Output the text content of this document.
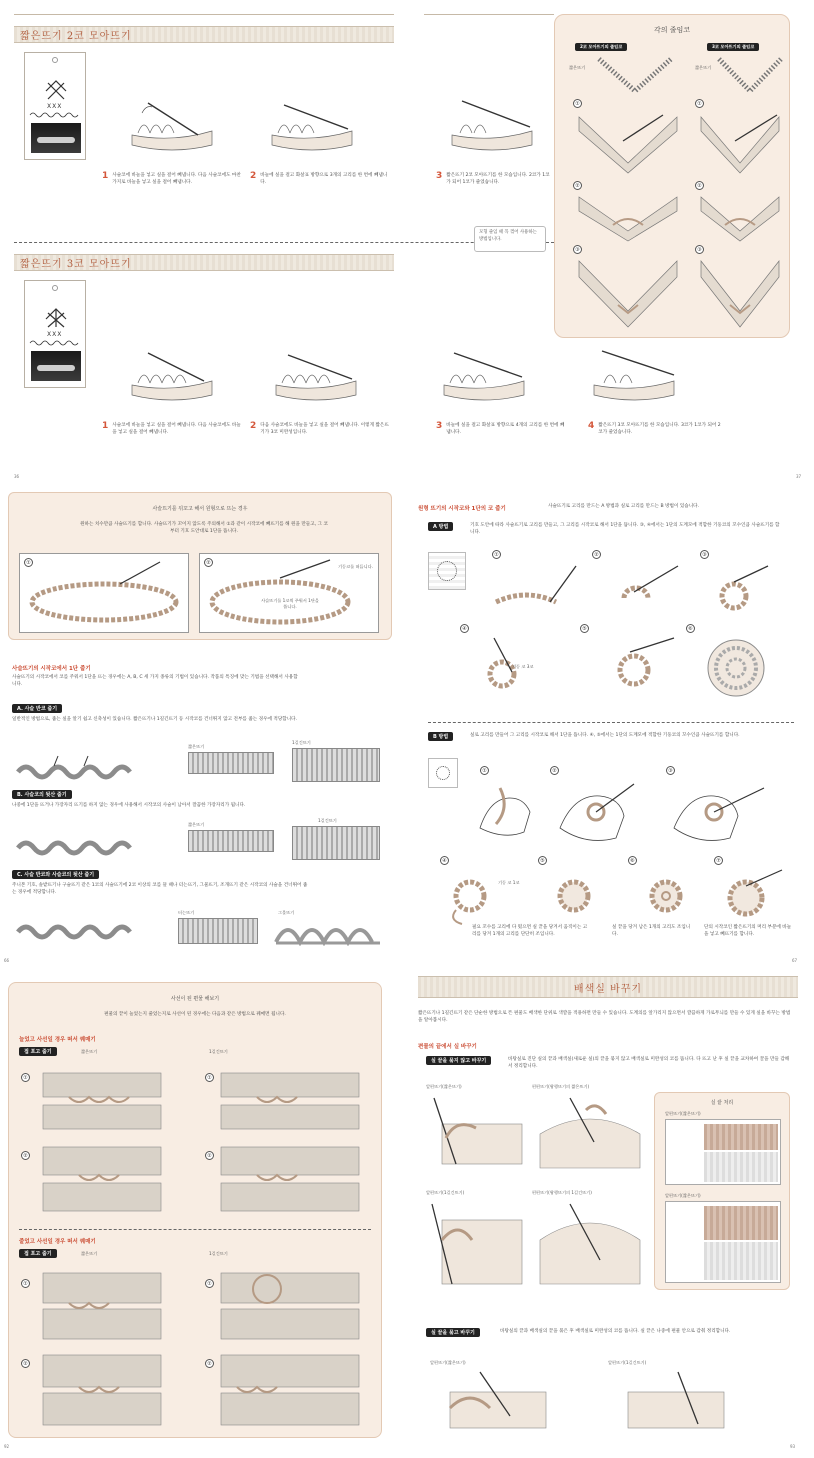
짧은뜨기 2코 모아뜨기
XXX
1 사슬코에 바늘을 넣고 실을 걸어 빼냅니다. 다음 사슬코에도 마찬가지로 바늘을 넣고 실을 걸어 빼냅니다.
2 바늘에 실을 걸고 화살표 방향으로 3개의 고리를 한 번에 빼냅니다.
3 짧은뜨기 2코 모아뜨기를 한 모습입니다. 2코가 1코가 되어 1코가 줄었습니다.
모형 줄임 때 꼭 꺾어 사용하는 방법입니다.
짧은뜨기 3코 모아뜨기
XXX
1 사슬코에 바늘을 넣고 실을 걸어 빼냅니다. 다음 사슬코에도 바늘을 넣고 실을 걸어 빼냅니다.
2 다음 사슬코에도 바늘을 넣고 실을 걸어 빼냅니다. 이렇게 짧은뜨기가 3코 미완성입니다.
3 바늘에 실을 걸고 화살표 방향으로 4개의 고리를 한 번에 빼냅니다.
4 짧은뜨기 3코 모아뜨기를 한 모습입니다. 3코가 1코가 되어 2코가 줄었습니다.
각의 줄임코
2코 모아뜨기의 줄임코	3코 모아뜨기의 줄임코
짧은뜨기	짧은뜨기
①	①
②	②
③	③
36	37
사슬뜨기를 뒤꼬고 해서 원형으로 뜨는 경우
원하는 치수만큼 사슬뜨기를 합니다. 사슬뜨기가 꼬이지 않도록 주의해서 ①과 같이 시작코에 빼뜨기를 해 원을 만들고, 그 코부터 기호 도안대로 1단을 뜹니다.
①	②
기둥코를 떠듭니다.
사슬뜨기를 1코씩 주워서 1단을 뜹니다.
사슬뜨기의 시작코에서 1단 줍기
사슬뜨기의 시작코에서 코를 주워서 1단을 뜨는 경우에는 A, B, C 세 가지 종류의 기법이 있습니다. 작품의 특징에 맞는 기법을 선택해서 사용합니다.
A. 사슬 반코 줍기
일반적인 방법으로, 줍는 실을 알기 쉽고 신축성이 있습니다. 짧은뜨기나 1길긴뜨기 등 시작코를 건너뛰지 않고 전부를 줍는 경우에 적당합니다.
짧은뜨기
1길긴뜨기
B. 사슬코의 뒷산 줍기
나중에 1단을 뜨거나 가장자리 뜨기를 하지 않는 경우에 사용해서 시작코의 사슬이 남아서 깔끔한 가장자리가 됩니다.
짧은뜨기
1길긴뜨기
C. 사슬 반코와 사슬코의 뒷산 줍기
주니본 기호, 솔밭뜨기나 구슬뜨기 같은 1코의 사슬뜨기에 2코 이상의 코를 뜰 때나 터는뜨기, 그물뜨기, 조개뜨기 같은 시작코의 사슬을 건너뛰어 줍는 경우에 적당합니다.
터는뜨기	그물뜨기
66
원형 뜨기의 시작코와 1단의 코 줍기	사슬뜨기로 고리를 만드는 A 방법과 실로 고리를 만드는 B 방법이 있습니다.
A 방법	기호 도안에 따라 사슬뜨기로 고리를 만들고, 그 고리를 시작코로 해서 1단을 뜹니다. ③, ④에서는 1단의 도계모에 적합한 기둥코의 꼬수인큼 사슬뜨기를 합니다.
①	②	③
④	⑤	⑥
기둥 코 3코
B 방법	실로 고리를 만들어 그 고리를 시작코로 해서 1단을 뜹니다. ④, ⑤에서는 1단의 도계모에 적합한 기둥코의 꼬수인큼 사슬뜨기를 합니다.
①	②	③
④	⑤	⑥	⑦
기둥 코 1코
필요 꼬수를 고리에 다 떴으면 실 끝을 당겨서 움직이는 고리를 당겨 1개의 고리를 단단히 조입니다.
실 끝을 당겨 남은 1개의 고리도 조입니다.
단의 시작코인 짧은뜨기의 머리 부분에 바늘을 넣고 빼뜨기를 합니다.
67
사선이 된 편물 해보기
편물의 끝이 늘었는지 줄었는지로 사선이 된 경우에는 다음과 같은 방법으로 꿰매면 됩니다.
늘었고 사선일 경우 떠서 꿰매기
접 포고 줍기	짧은뜨기	1길긴뜨기
①	①
②	②
줄었고 사선일 경우 떠서 꿰매기
접 포고 줍기	짧은뜨기	1길긴뜨기
①	①
②	②
92
배색실 바꾸기
짧은뜨기나 1길긴뜨기 같은 단순한 방법으로 뜬 편물도 배색한 단위로 색깔을 적용하면 만들 수 있습니다. 도계의를 앞가리지 않으면서 깔끔하게 가로무늬를 만들 수 있게 실을 바꾸는 방법을 알아봅시다.
편물의 끝에서 실 바꾸기
실 끝을 묶지 않고 바꾸기	바탕실로 진단 실의 끝과 배색실(새로운 실)의 끝을 묶지 않고 배색실로 미완성의 코를 뜹니다. 다 뜨고 난 후 실 끝을 교차하여 꿀을 만들 감해서 정리합니다.
앞편뜨기(짧은뜨기)	편편뜨기(왕행뜨기의 짧은뜨기)
앞편뜨기(1길긴뜨기)	편편뜨기(왕행뜨기의 1길긴뜨기)
실 끝 처리
앞편뜨기(짧은뜨기)
앞편뜨기(짧은뜨기)
실 끝을 묶고 바꾸기	바탕실의 끝과 배색실의 끝을 묶은 후 배색실로 미완성의 코를 뜹니다. 실 끝은 나중에 편물 안으로 감춰 정리합니다.
앞편뜨기(짧은뜨기)	앞편뜨기(1길긴뜨기)
93
